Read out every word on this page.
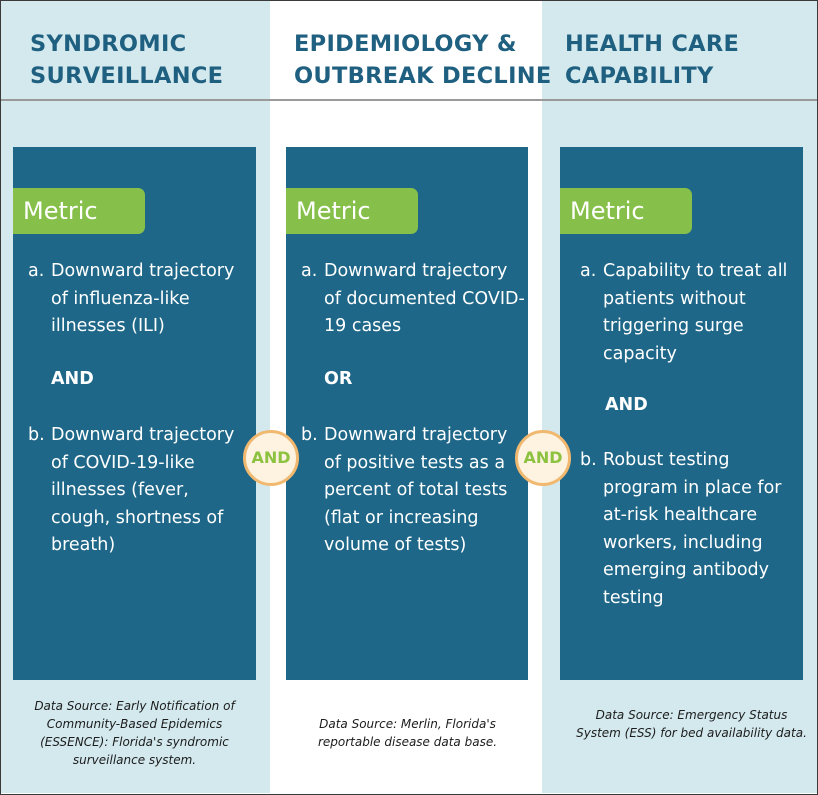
SYNDROMIC
SURVEILLANCE
EPIDEMIOLOGY &
OUTBREAK DECLINE
HEALTH CARE
CAPABILITY
Metric
a. Downward trajectory of influenza-like illnesses (ILI)
AND
b. Downward trajectory of COVID-19-like illnesses (fever, cough, shortness of breath)
Metric
a. Downward trajectory of documented COVID-19 cases
OR
b. Downward trajectory of positive tests as a percent of total tests (flat or increasing volume of tests)
Metric
a. Capability to treat all patients without triggering surge capacity
AND
b. Robust testing program in place for at-risk healthcare workers, including emerging antibody testing
AND	AND
Data Source: Early Notification of Community-Based Epidemics (ESSENCE): Florida's syndromic surveillance system.
Data Source: Merlin, Florida's reportable disease data base.
Data Source: Emergency Status System (ESS) for bed availability data.
